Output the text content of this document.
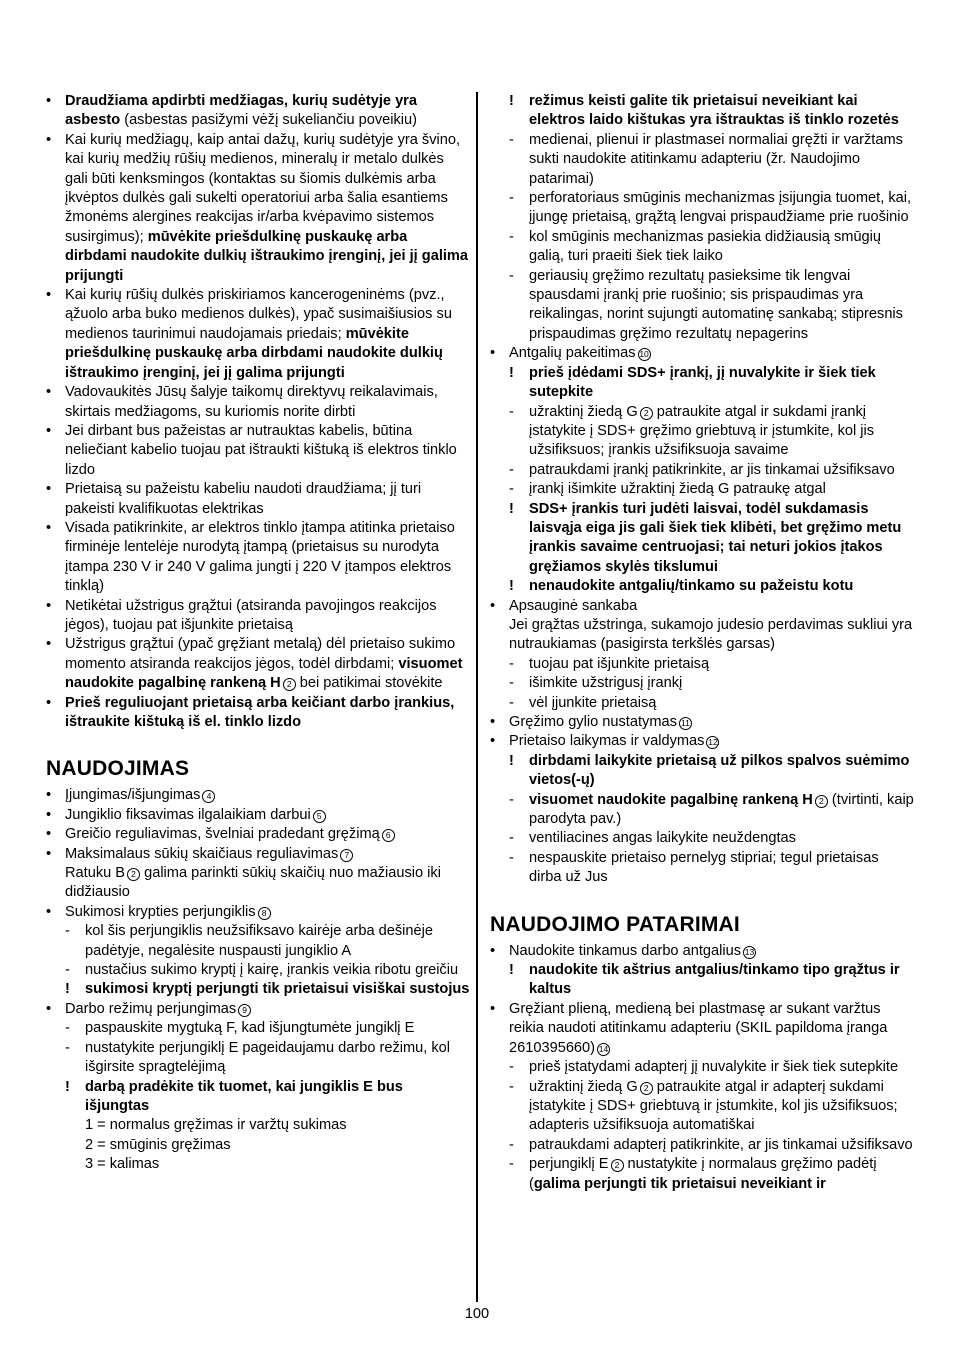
• Draudžiama apdirbti medžiagas, kurių sudėtyje yra asbesto (asbestas pasižymi vėžį sukeliančiu poveikiu)
• Kai kurių medžiagų, kaip antai dažų, kurių sudėtyje yra švino, kai kurių medžių rūšių medienos, mineralų ir metalo dulkės gali būti kenksmingos (kontaktas su šiomis dulkėmis arba įkvėptos dulkės gali sukelti operatoriui arba šalia esantiems žmonėms alergines reakcijas ir/arba kvėpavimo sistemos susirgimus); mūvėkite priešdulkinę puskaukę arba dirbdami naudokite dulkių ištraukimo įrenginį, jei jį galima prijungti
• Kai kurių rūšių dulkės priskiriamos kancerogeninėms (pvz., ąžuolo arba buko medienos dulkės), ypač susimaišiusios su medienos taurinimui naudojamais priedais; mūvėkite priešdulkinę puskaukę arba dirbdami naudokite dulkių ištraukimo įrenginį, jei jį galima prijungti
• Vadovaukitės Jūsų šalyje taikomų direktyvų reikalavimais, skirtais medžiagoms, su kuriomis norite dirbti
• Jei dirbant bus pažeistas ar nutrauktas kabelis, būtina neliečiant kabelio tuojau pat ištraukti kištuką iš elektros tinklo lizdo
• Prietaisą su pažeistu kabeliu naudoti draudžiama; jį turi pakeisti kvalifikuotas elektrikas
• Visada patikrinkite, ar elektros tinklo įtampa atitinka prietaiso firminėje lentelėje nurodytą įtampą (prietaisus su nurodyta įtampa 230 V ir 240 V galima jungti į 220 V įtampos elektros tinklą)
• Netikėtai užstrigus grąžtui (atsiranda pavojingos reakcijos jėgos), tuojau pat išjunkite prietaisą
• Užstrigus grąžtui (ypač gręžiant metalą) dėl prietaiso sukimo momento atsiranda reakcijos jėgos, todėl dirbdami; visuomet naudokite pagalbinę rankeną H 2 bei patikimai stovėkite
• Prieš reguliuojant prietaisą arba keičiant darbo įrankius, ištraukite kištuką iš el. tinklo lizdo
NAUDOJIMAS
• Įjungimas/išjungimas 4
• Jungiklio fiksavimas ilgalaikiam darbui 5
• Greičio reguliavimas, švelniai pradedant gręžimą 6
• Maksimalaus sūkių skaičiaus reguliavimas 7
Ratuku B 2 galima parinkti sūkių skaičių nuo mažiausio iki didžiausio
• Sukimosi krypties perjungiklis 8
- kol šis perjungiklis neužsifiksavo kairėje arba dešinėje padėtyje, negalėsite nuspausti jungiklio A
- nustačius sukimo kryptį į kairę, įrankis veikia ribotu greičiu
! sukimosi kryptį perjungti tik prietaisui visiškai sustojus
• Darbo režimų perjungimas 9
- paspauskite mygtuką F, kad išjungtumėte jungiklį E
- nustatykite perjungiklį E pageidaujamu darbo režimu, kol išgirsite spragtelėjimą
! darbą pradėkite tik tuomet, kai jungiklis E bus išjungtas
1 = normalus gręžimas ir varžtų sukimas
2 = smūginis gręžimas
3 = kalimas
! režimus keisti galite tik prietaisui neveikiant kai elektros laido kištukas yra ištrauktas iš tinklo rozetės
- medienai, plienui ir plastmasei normaliai gręžti ir varžtams sukti naudokite atitinkamu adapteriu (žr. Naudojimo patarimai)
- perforatoriaus smūginis mechanizmas įsijungia tuomet, kai, įjungę prietaisą, grąžtą lengvai prispaudžiame prie ruošinio
- kol smūginis mechanizmas pasiekia didžiausią smūgių galią, turi praeiti šiek tiek laiko
- geriausių gręžimo rezultatų pasieksime tik lengvai spausdami įrankį prie ruošinio; sis prispaudimas yra reikalingas, norint sujungti automatinę sankabą; stipresnis prispaudimas gręžimo rezultatų nepagerins
• Antgalių pakeitimas 10
! prieš įdėdami SDS+ įrankį, jį nuvalykite ir šiek tiek sutepkite
- užraktinį žiedą G 2 patraukite atgal ir sukdami įrankį įstatykite į SDS+ gręžimo griebtuvą ir įstumkite, kol jis užsifiksuos; įrankis užsifiksuoja savaime
- patraukdami įrankį patikrinkite, ar jis tinkamai užsifiksavo
- įrankį išimkite užraktinį žiedą G patraukę atgal
! SDS+ įrankis turi judėti laisvai, todėl sukdamasis laisvąja eiga jis gali šiek tiek klibėti, bet gręžimo metu įrankis savaime centruojasi; tai neturi jokios įtakos gręžiamos skylės tikslumui
! nenaudokite antgalių/tinkamo su pažeistu kotu
• Apsauginė sankaba
Jei grąžtas užstringa, sukamojo judesio perdavimas sukliui yra nutraukiamas (pasigirsta terkšlės garsas)
- tuojau pat išjunkite prietaisą
- išimkite užstrigusį įrankį
- vėl įjunkite prietaisą
• Gręžimo gylio nustatymas 11
• Prietaiso laikymas ir valdymas 12
! dirbdami laikykite prietaisą už pilkos spalvos suėmimo vietos(-ų)
- visuomet naudokite pagalbinę rankeną H 2 (tvirtinti, kaip parodyta pav.)
- ventiliacines angas laikykite neuždengtas
- nespauskite prietaiso pernelyg stipriai; tegul prietaisas dirba už Jus
NAUDOJIMO PATARIMAI
• Naudokite tinkamus darbo antgalius 13
! naudokite tik aštrius antgalius/tinkamo tipo grąžtus ir kaltus
• Gręžiant plieną, medieną bei plastmasę ar sukant varžtus reikia naudoti atitinkamu adapteriu (SKIL papildoma įranga 2610395660) 14
- prieš įstatydami adapterį jį nuvalykite ir šiek tiek sutepkite
- užraktinį žiedą G 2 patraukite atgal ir adapterį sukdami įstatykite į SDS+ griebtuvą ir įstumkite, kol jis užsifiksuos; adapteris užsifiksuoja automatiškai
- patraukdami adapterį patikrinkite, ar jis tinkamai užsifiksavo
- perjungiklį E 2 nustatykite į normalaus gręžimo padėtį (galima perjungti tik prietaisui neveikiant ir
100
